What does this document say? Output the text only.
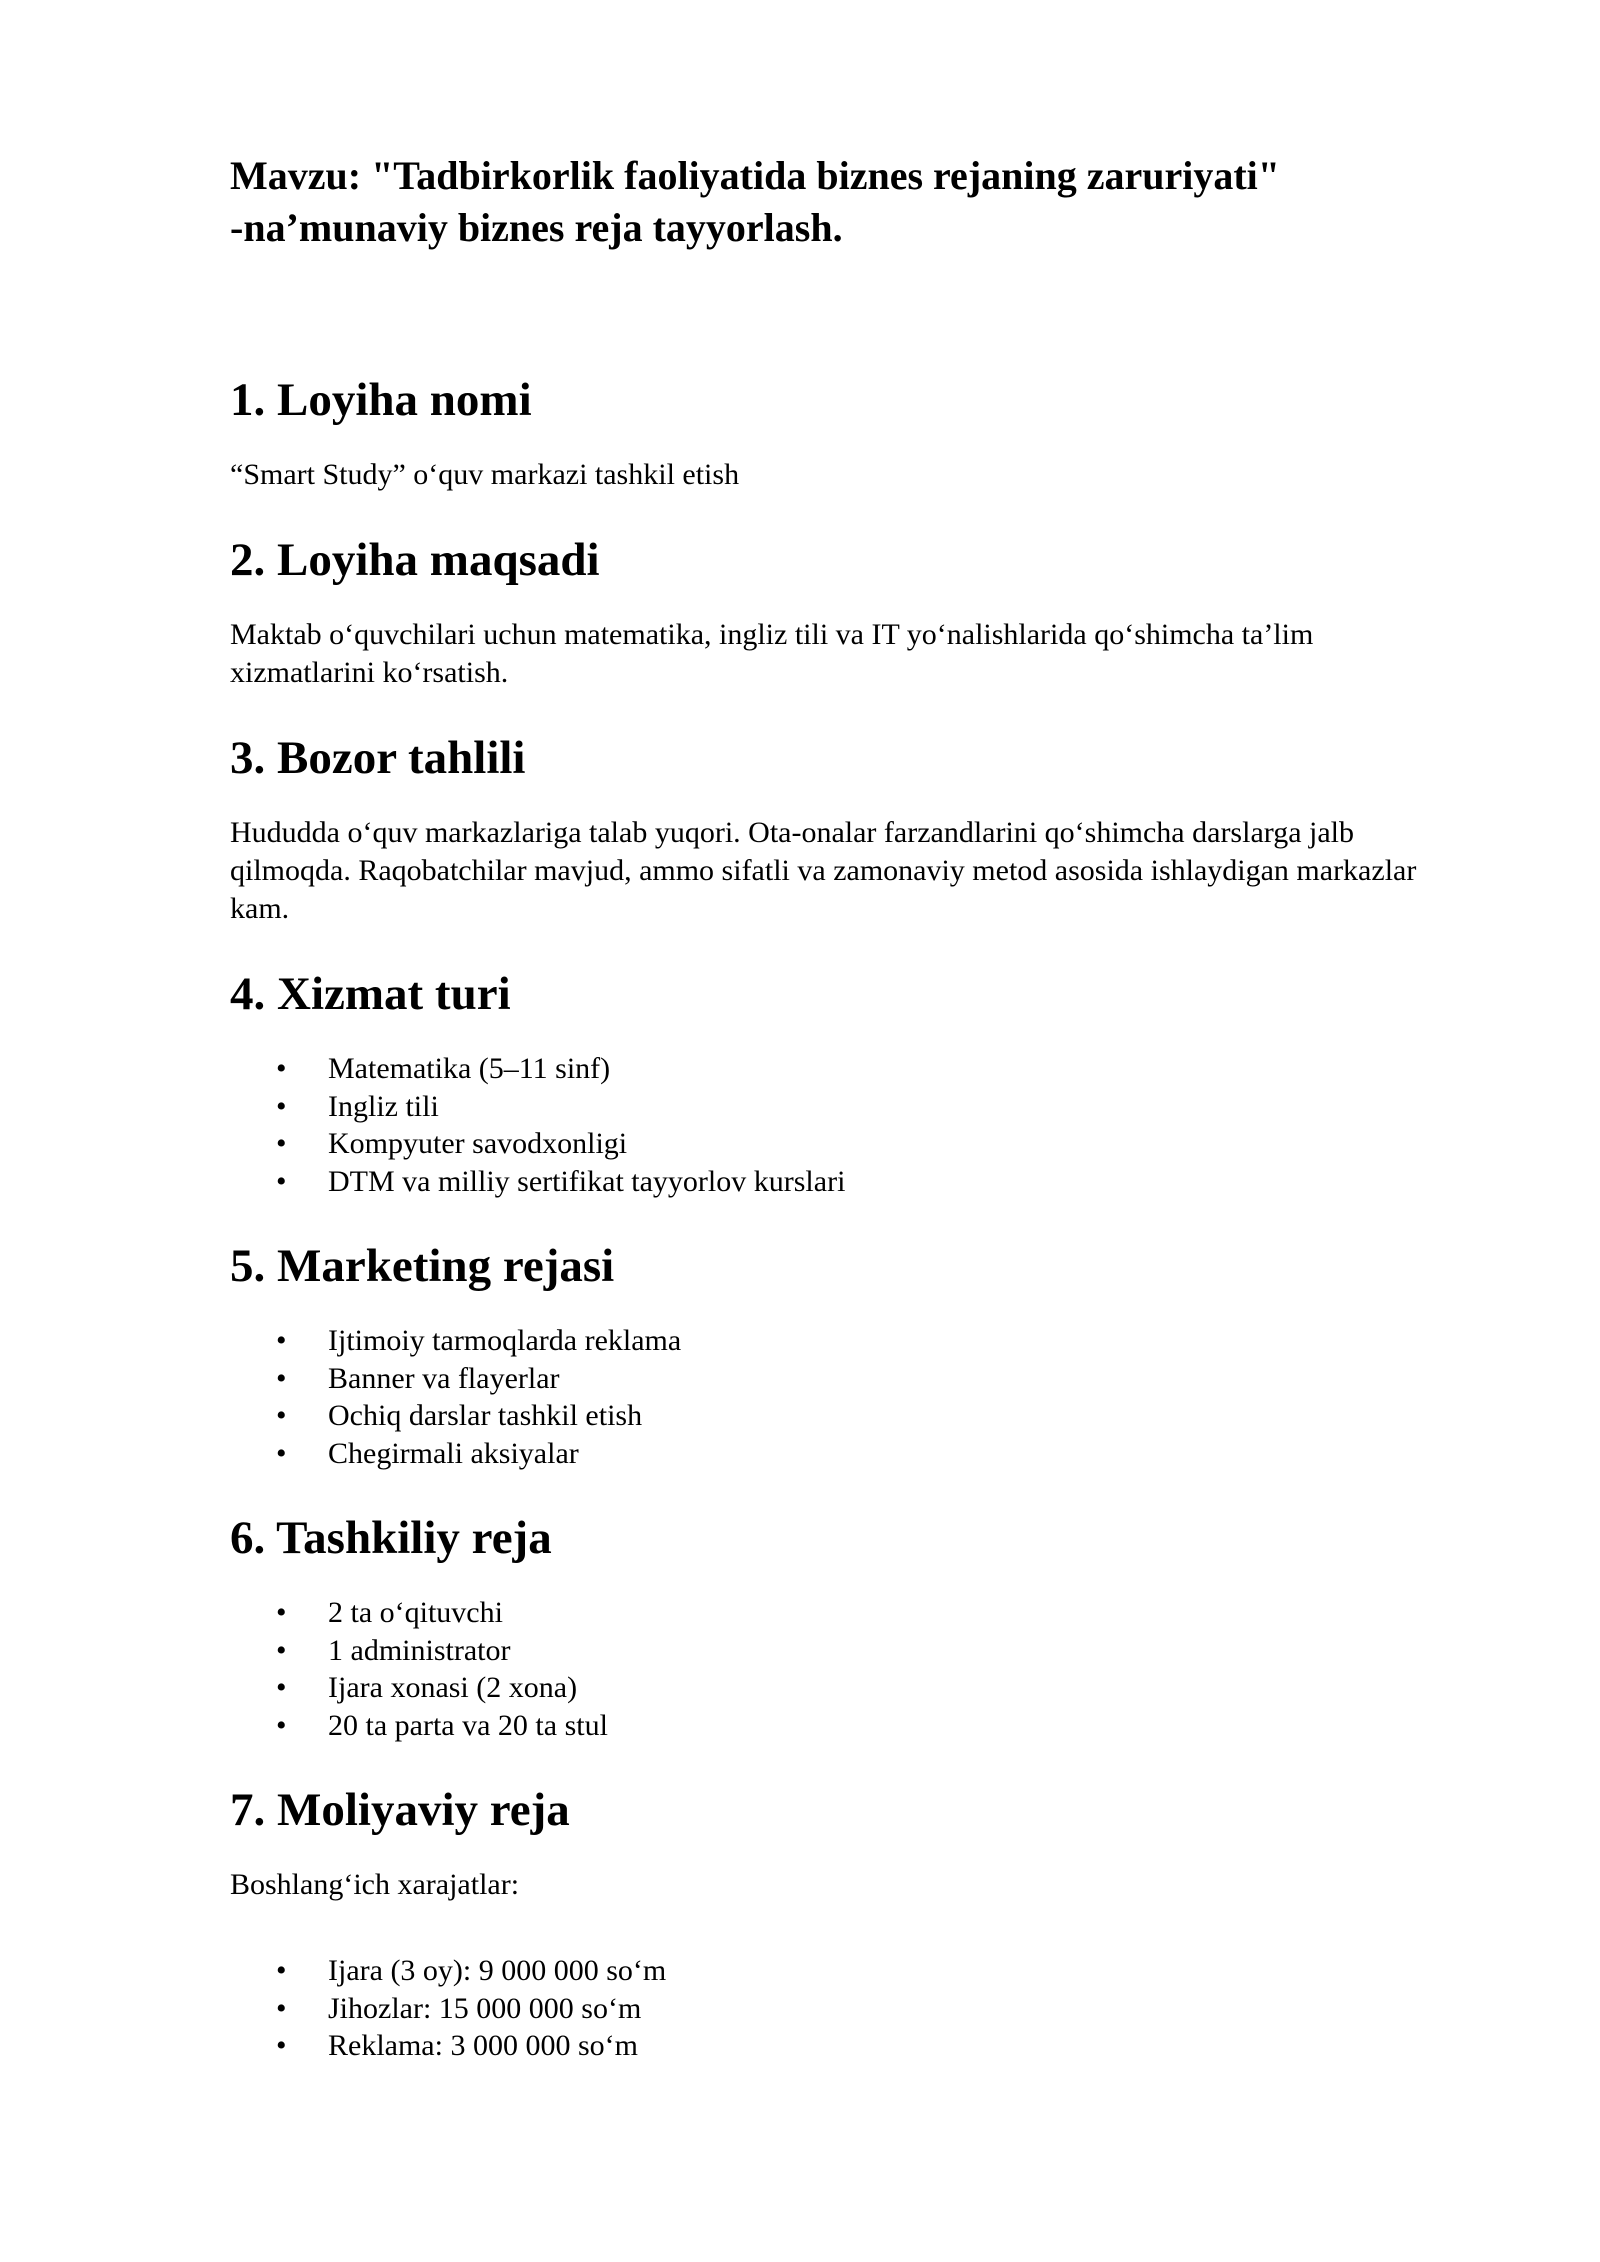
Mavzu: "Tadbirkorlik faoliyatida biznes rejaning zaruriyati"
-na’munaviy biznes reja tayyorlash.
1. Loyiha nomi

“Smart Study” o‘quv markazi tashkil etish

2. Loyiha maqsadi

Maktab o‘quvchilari uchun matematika, ingliz tili va IT yo‘nalishlarida qo‘shimcha ta’lim xizmatlarini ko‘rsatish.

3. Bozor tahlili

Hududda o‘quv markazlariga talab yuqori. Ota-onalar farzandlarini qo‘shimcha darslarga jalb qilmoqda. Raqobatchilar mavjud, ammo sifatli va zamonaviy metod asosida ishlaydigan markazlar kam.

4. Xizmat turi
• Matematika (5–11 sinf)
• Ingliz tili
• Kompyuter savodxonligi
• DTM va milliy sertifikat tayyorlov kurslari
5. Marketing rejasi
• Ijtimoiy tarmoqlarda reklama
• Banner va flayerlar
• Ochiq darslar tashkil etish
• Chegirmali aksiyalar
6. Tashkiliy reja
• 2 ta o‘qituvchi
• 1 administrator
• Ijara xonasi (2 xona)
• 20 ta parta va 20 ta stul
7. Moliyaviy reja

Boshlang‘ich xarajatlar:

• Ijara (3 oy): 9 000 000 so‘m
• Jihozlar: 15 000 000 so‘m
• Reklama: 3 000 000 so‘m
